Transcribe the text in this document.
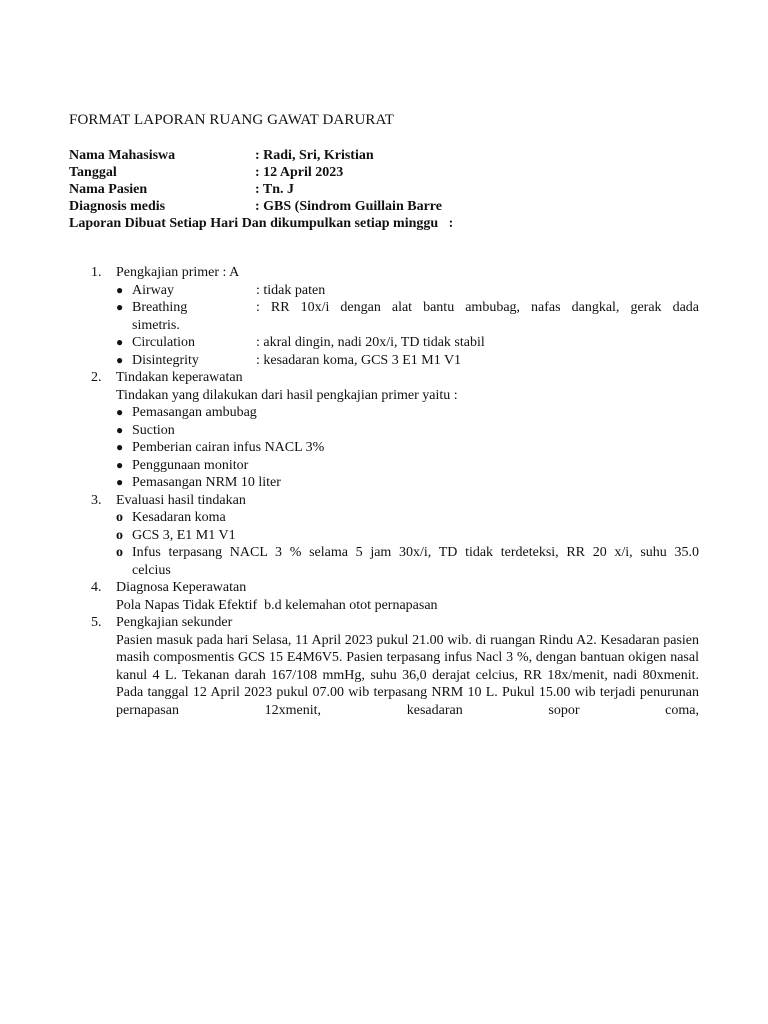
FORMAT LAPORAN RUANG GAWAT DARURAT
Nama Mahasiswa	: Radi, Sri, Kristian
Tanggal	: 12 April 2023
Nama Pasien	: Tn. J
Diagnosis medis	: GBS (Sindrom Guillain Barre
Laporan Dibuat Setiap Hari Dan dikumpulkan setiap minggu   :
1. Pengkajian primer : A
● Airway	: tidak paten
● Breathing	: RR 10x/i dengan alat bantu ambubag, nafas dangkal, gerak dada
simetris.
● Circulation	: akral dingin, nadi 20x/i, TD tidak stabil
● Disintegrity	: kesadaran koma, GCS 3 E1 M1 V1
2. Tindakan keperawatan
Tindakan yang dilakukan dari hasil pengkajian primer yaitu :
● Pemasangan ambubag
● Suction
● Pemberian cairan infus NACL 3%
● Penggunaan monitor
● Pemasangan NRM 10 liter
3. Evaluasi hasil tindakan
o Kesadaran koma
o GCS 3, E1 M1 V1
o Infus terpasang NACL 3 % selama 5 jam 30x/i, TD tidak terdeteksi, RR 20 x/i, suhu 35.0
celcius
4. Diagnosa Keperawatan
Pola Napas Tidak Efektif  b.d kelemahan otot pernapasan
5. Pengkajian sekunder
Pasien masuk pada hari Selasa, 11 April 2023 pukul 21.00 wib. di ruangan Rindu A2. Kesadaran pasien masih composmentis GCS 15 E4M6V5. Pasien terpasang infus Nacl 3 %, dengan bantuan okigen nasal kanul 4 L. Tekanan darah 167/108 mmHg, suhu 36,0 derajat celcius, RR 18x/menit, nadi 80xmenit. Pada tanggal 12 April 2023 pukul 07.00 wib terpasang NRM 10 L. Pukul 15.00 wib terjadi penurunan pernapasan 12xmenit, kesadaran sopor coma,
